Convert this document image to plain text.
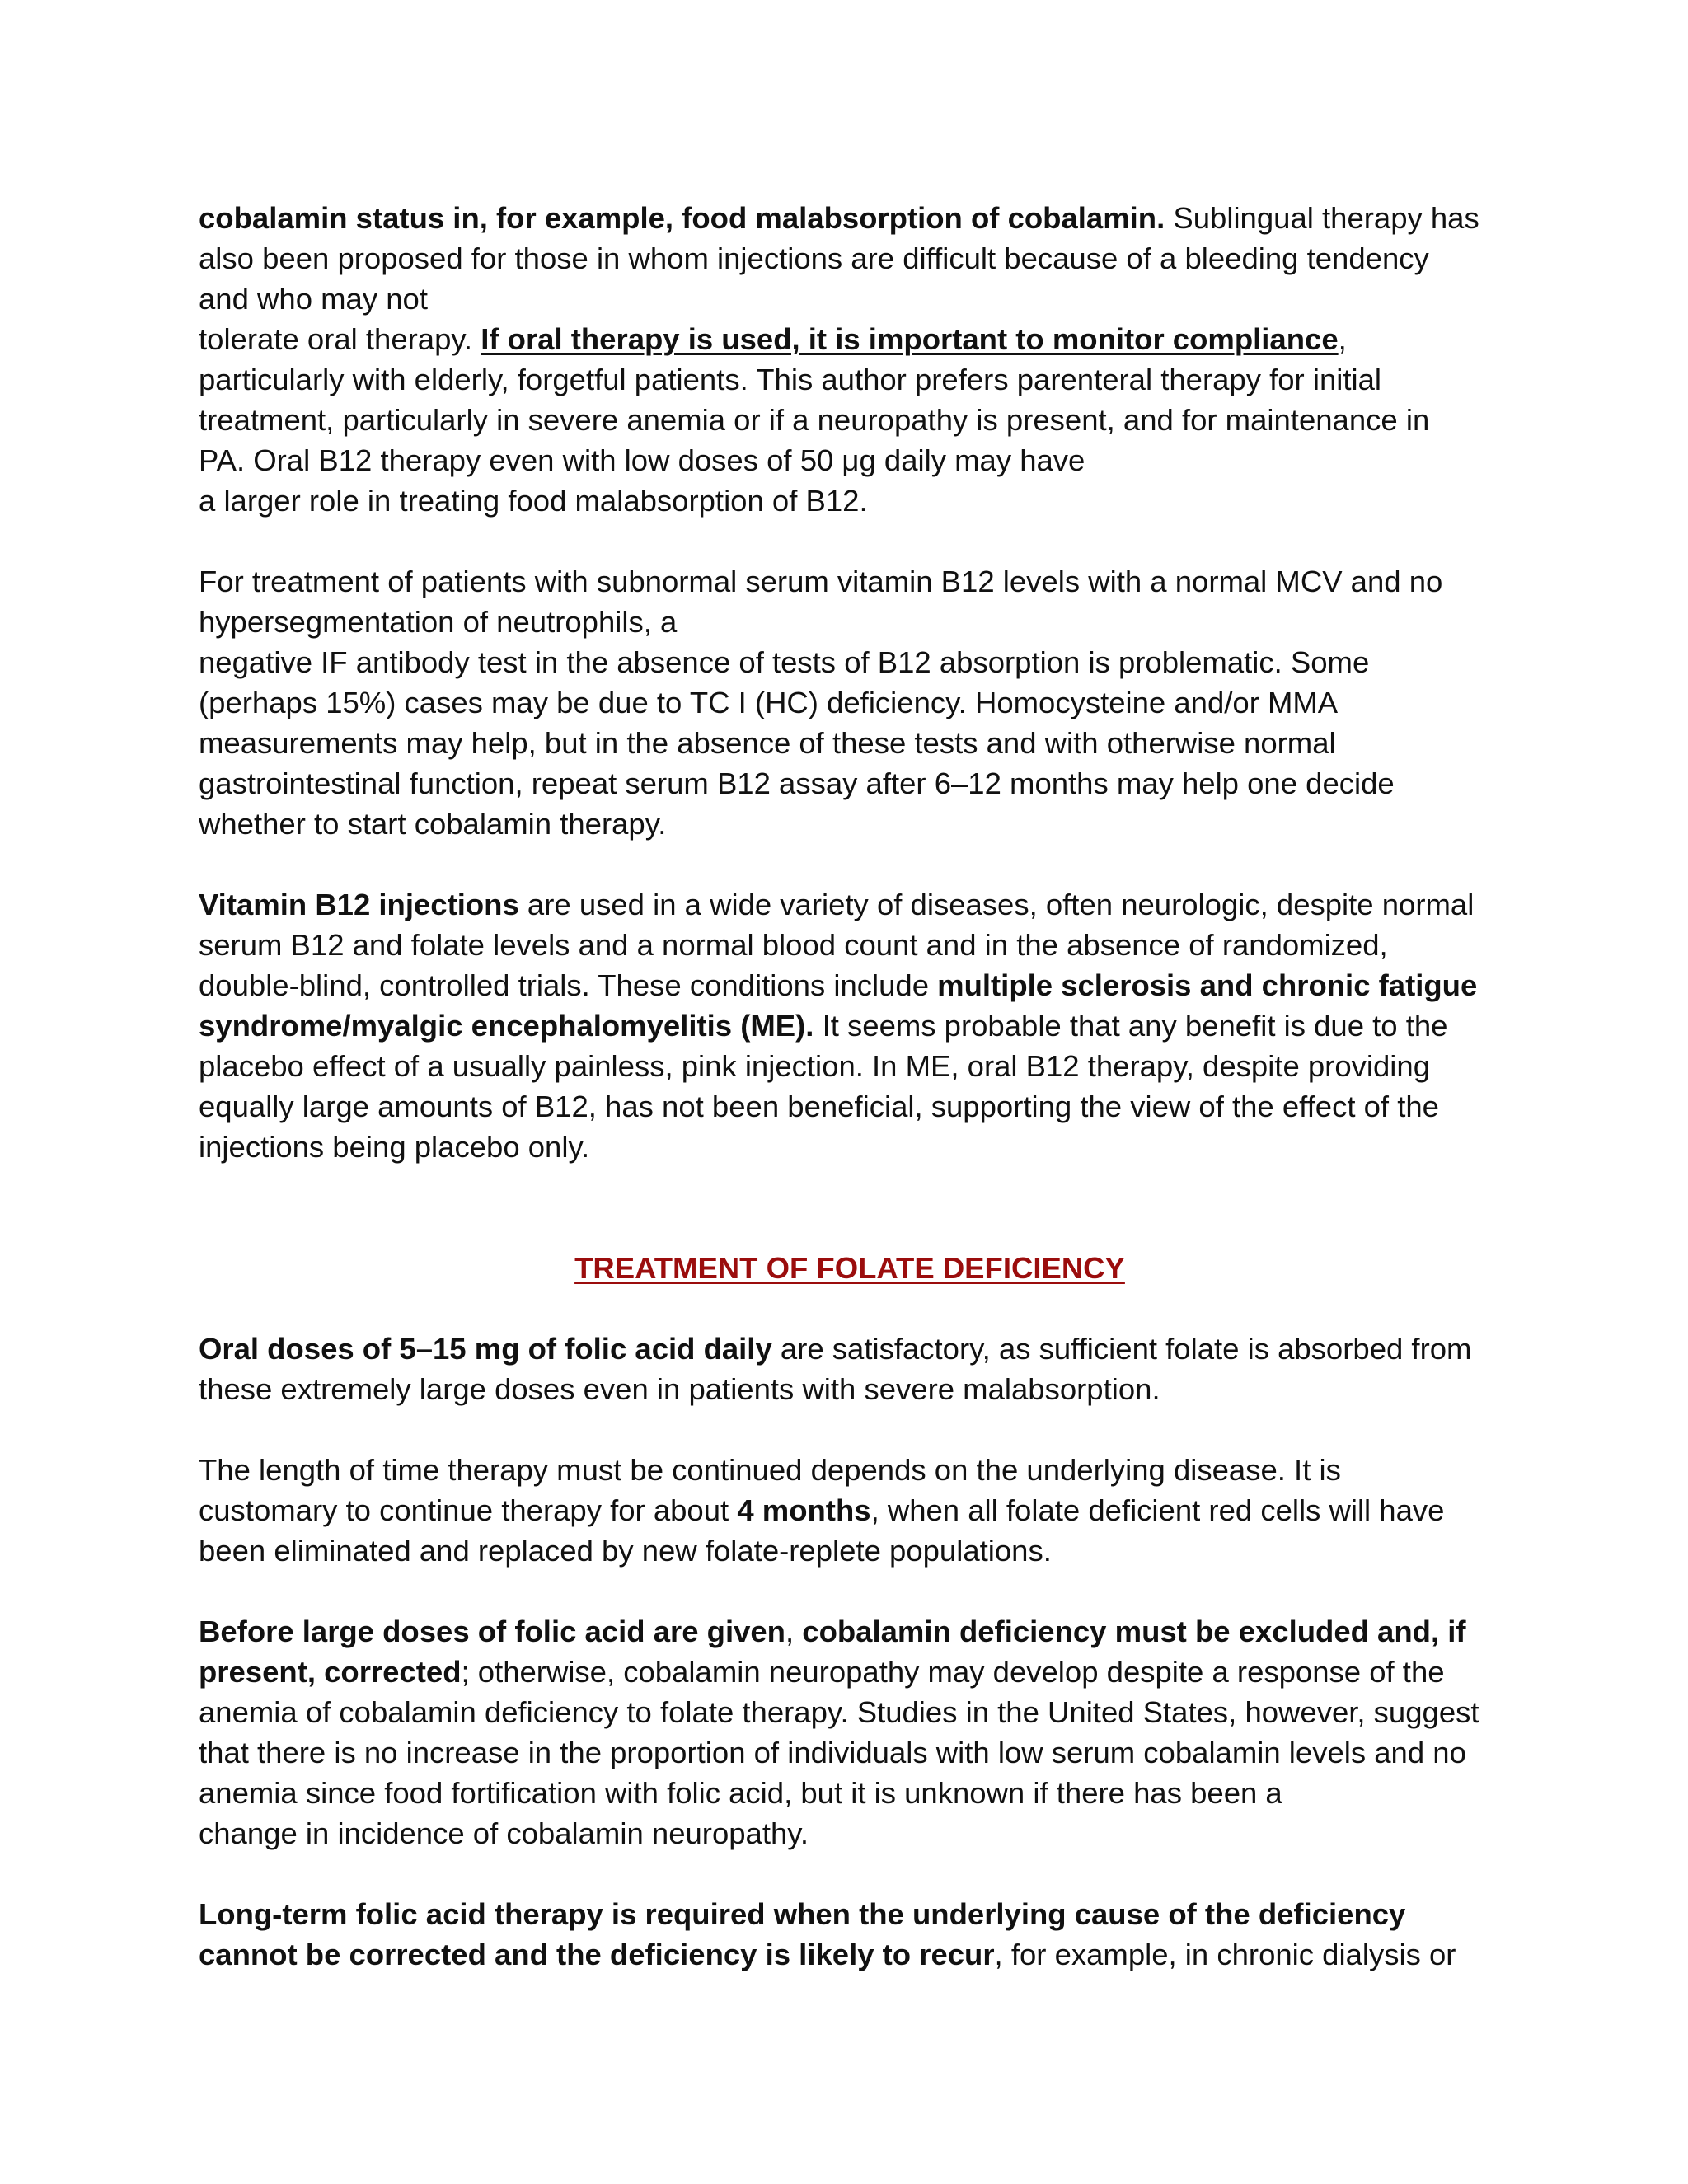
cobalamin status in, for example, food malabsorption of cobalamin. Sublingual therapy has
also been proposed for those in whom injections are difficult because of a bleeding tendency
and who may not
tolerate oral therapy. If oral therapy is used, it is important to monitor compliance,
particularly with elderly, forgetful patients. This author prefers parenteral therapy for initial
treatment, particularly in severe anemia or if a neuropathy is present, and for maintenance in
PA. Oral B12 therapy even with low doses of 50 μg daily may have
a larger role in treating food malabsorption of B12.
For treatment of patients with subnormal serum vitamin B12 levels with a normal MCV and no
hypersegmentation of neutrophils, a
negative IF antibody test in the absence of tests of B12 absorption is problematic. Some
(perhaps 15%) cases may be due to TC I (HC) deficiency. Homocysteine and/or MMA
measurements may help, but in the absence of these tests and with otherwise normal
gastrointestinal function, repeat serum B12 assay after 6–12 months may help one decide
whether to start cobalamin therapy.
Vitamin B12 injections are used in a wide variety of diseases, often neurologic, despite normal
serum B12 and folate levels and a normal blood count and in the absence of randomized,
double-blind, controlled trials. These conditions include multiple sclerosis and chronic fatigue
syndrome/myalgic encephalomyelitis (ME). It seems probable that any benefit is due to the
placebo effect of a usually painless, pink injection. In ME, oral B12 therapy, despite providing
equally large amounts of B12, has not been beneficial, supporting the view of the effect of the
injections being placebo only.
TREATMENT OF FOLATE DEFICIENCY
Oral doses of 5–15 mg of folic acid daily are satisfactory, as sufficient folate is absorbed from
these extremely large doses even in patients with severe malabsorption.
The length of time therapy must be continued depends on the underlying disease. It is
customary to continue therapy for about 4 months, when all folate deficient red cells will have
been eliminated and replaced by new folate-replete populations.
Before large doses of folic acid are given, cobalamin deficiency must be excluded and, if
present, corrected; otherwise, cobalamin neuropathy may develop despite a response of the
anemia of cobalamin deficiency to folate therapy. Studies in the United States, however, suggest
that there is no increase in the proportion of individuals with low serum cobalamin levels and no
anemia since food fortification with folic acid, but it is unknown if there has been a
change in incidence of cobalamin neuropathy.
Long-term folic acid therapy is required when the underlying cause of the deficiency
cannot be corrected and the deficiency is likely to recur, for example, in chronic dialysis or
